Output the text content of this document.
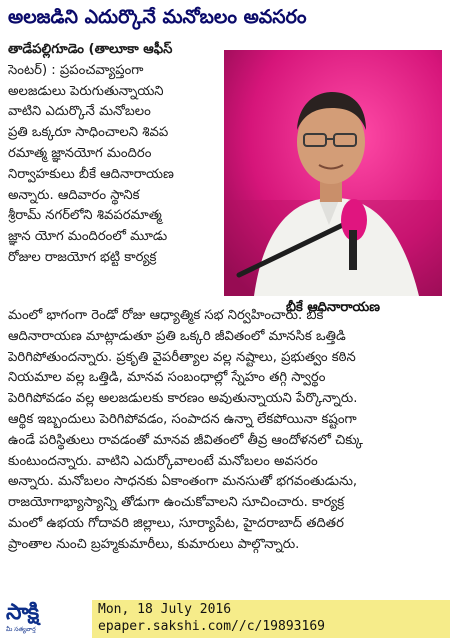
అలజడిని ఎదుర్కొనే మనోబలం అవసరం
తాడేపల్లిగూడెం (తాలూకా ఆఫీస్
సెంటర్) : ప్రపంచవ్యాప్తంగా
అలజడులు పెరుగుతున్నాయని
వాటిని ఎదుర్కొనే మనోబలం
ప్రతి ఒక్కరూ సాధించాలని శివప
రమాత్మ జ్ఞానయోగ మందిరం
నిర్వాహకులు బీకే ఆదినారాయణ
అన్నారు. ఆదివారం స్థానిక
శ్రీరామ్ నగర్‌లోని శివపరమాత్మ
జ్ఞాన యోగ మందిరంలో మూడు
రోజుల రాజయోగ భట్టి కార్యక్ర
బీకే ఆదినారాయణ
మంలో భాగంగా రెండో రోజు ఆధ్యాత్మిక సభ నిర్వహించారు. బీకే
ఆదినారాయణ మాట్లాడుతూ ప్రతి ఒక్కరి జీవితంలో మానసిక ఒత్తిడి
పెరిగిపోతుందన్నారు. ప్రకృతి వైపరీత్యాల వల్ల నష్టాలు, ప్రభుత్వం కఠిన
నియమాల వల్ల ఒత్తిడి, మానవ సంబంధాల్లో స్నేహం తగ్గి స్వార్థం
పెరిగిపోవడం వల్ల అలజడులకు కారణం అవుతున్నాయని పేర్కొన్నారు.
ఆర్థిక ఇబ్బందులు పెరిగిపోవడం, సంపాదన ఉన్నా లేకపోయినా కష్టంగా
ఉండే పరిస్థితులు రావడంతో మానవ జీవితంలో తీవ్ర ఆందోళనలో చిక్కు
కుంటుందన్నారు. వాటిని ఎదుర్కోవాలంటే మనోబలం అవసరం
అన్నారు. మనోబలం సాధనకు ఏకాంతంగా మనసుతో భగవంతుడును,
రాజయోగాభ్యాస్యాన్ని తోడుగా ఉంచుకోవాలని సూచించారు. కార్యక్ర
మంలో ఉభయ గోదావరి జిల్లాలు, సూర్యాపేట, హైదరాబాద్ తదితర
ప్రాంతాల నుంచి బ్రహ్మకుమారీలు, కుమారులు పాల్గొన్నారు.
సాక్షి
మీ సత్యవార్త
Mon, 18 July 2016
epaper.sakshi.com//c/19893169
